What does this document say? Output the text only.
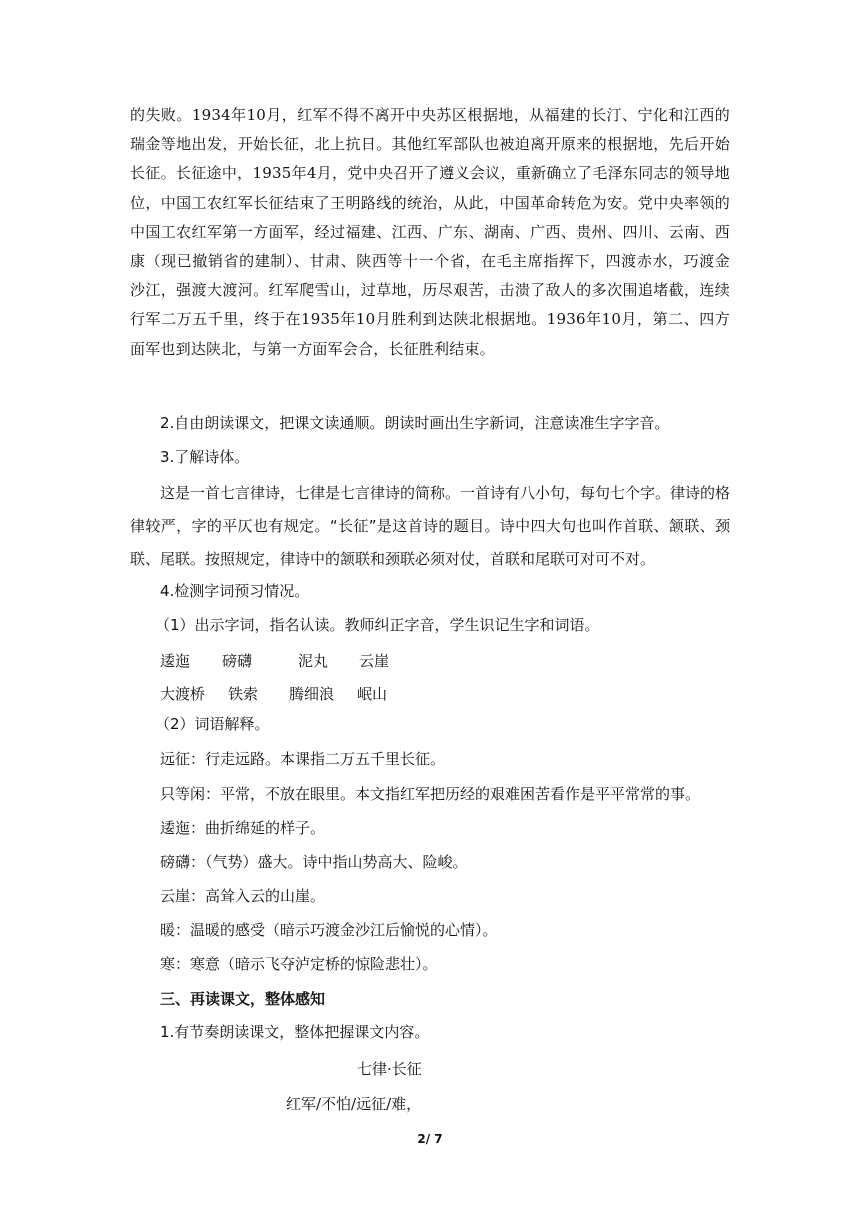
的失败。1934年10月，红军不得不离开中央苏区根据地，从福建的长汀、宁化和江西的瑞金等地出发，开始长征，北上抗日。其他红军部队也被迫离开原来的根据地，先后开始长征。长征途中，1935年4月，党中央召开了遵义会议，重新确立了毛泽东同志的领导地位，中国工农红军长征结束了王明路线的统治，从此，中国革命转危为安。党中央率领的中国工农红军第一方面军，经过福建、江西、广东、湖南、广西、贵州、四川、云南、西康（现已撤销省的建制）、甘肃、陕西等十一个省，在毛主席指挥下，四渡赤水，巧渡金沙江，强渡大渡河。红军爬雪山，过草地，历尽艰苦，击溃了敌人的多次围追堵截，连续行军二万五千里，终于在1935年10月胜利到达陕北根据地。1936年10月，第二、四方面军也到达陕北，与第一方面军会合，长征胜利结束。

2.自由朗读课文，把课文读通顺。朗读时画出生字新词，注意读准生字字音。

3.了解诗体。

这是一首七言律诗，七律是七言律诗的简称。一首诗有八小句，每句七个字。律诗的格律较严，字的平仄也有规定。“长征”是这首诗的题目。诗中四大句也叫作首联、颔联、颈联、尾联。按照规定，律诗中的颔联和颈联必须对仗，首联和尾联可对可不对。

4.检测字词预习情况。

（1）出示字词，指名认读。教师纠正字音，学生识记生字和词语。

逶迤 磅礴	泥丸 云崖
大渡桥 铁索 腾细浪 岷山

（2）词语解释。

远征：行走远路。本课指二万五千里长征。

只等闲：平常，不放在眼里。本文指红军把历经的艰难困苦看作是平平常常的事。

逶迤：曲折绵延的样子。

磅礴：（气势）盛大。诗中指山势高大、险峻。

云崖：高耸入云的山崖。

暖：温暖的感受（暗示巧渡金沙江后愉悦的心情）。

寒：寒意（暗示飞夺泸定桥的惊险悲壮）。

三、再读课文，整体感知

1.有节奏朗读课文，整体把握课文内容。

七律·长征

红军/不怕/远征/难，

2/ 7
